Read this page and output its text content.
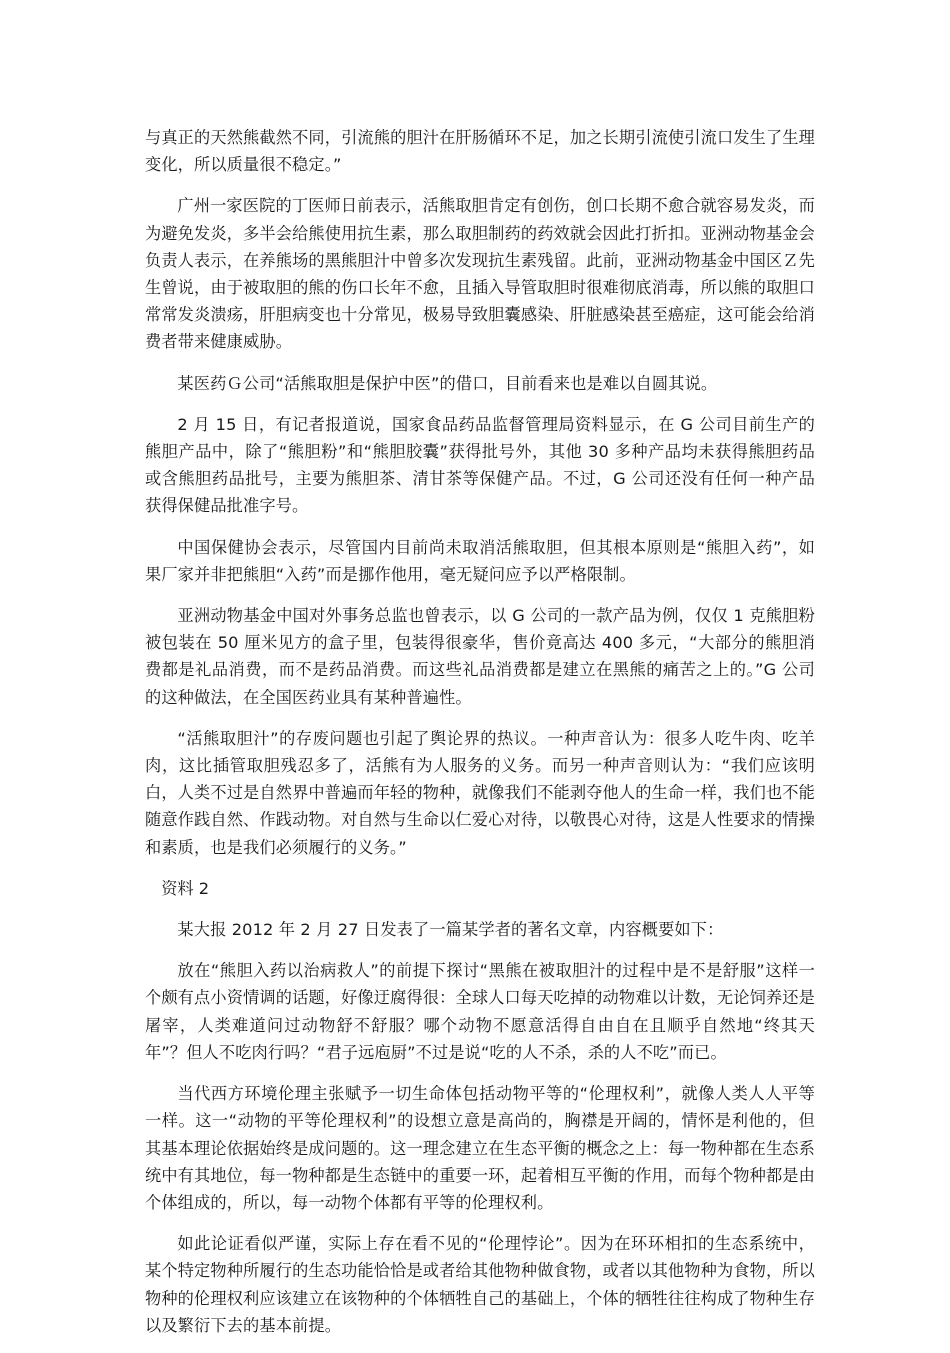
与真正的天然熊截然不同，引流熊的胆汁在肝肠循环不足，加之长期引流使引流口发生了生理变化，所以质量很不稳定。”

广州一家医院的丁医师日前表示，活熊取胆肯定有创伤，创口长期不愈合就容易发炎，而为避免发炎，多半会给熊使用抗生素，那么取胆制药的药效就会因此打折扣。亚洲动物基金会负责人表示，在养熊场的黑熊胆汁中曾多次发现抗生素残留。此前，亚洲动物基金中国区Ｚ先生曾说，由于被取胆的熊的伤口长年不愈，且插入导管取胆时很难彻底消毒，所以熊的取胆口常常发炎溃疡，肝胆病变也十分常见，极易导致胆囊感染、肝脏感染甚至癌症，这可能会给消费者带来健康威胁。

某医药Ｇ公司“活熊取胆是保护中医”的借口，目前看来也是难以自圆其说。

2 月 15 日，有记者报道说，国家食品药品监督管理局资料显示，在 G 公司目前生产的熊胆产品中，除了“熊胆粉”和“熊胆胶囊”获得批号外，其他 30 多种产品均未获得熊胆药品或含熊胆药品批号，主要为熊胆茶、清甘茶等保健产品。不过，G 公司还没有任何一种产品获得保健品批准字号。

中国保健协会表示，尽管国内目前尚未取消活熊取胆，但其根本原则是“熊胆入药”，如果厂家并非把熊胆“入药”而是挪作他用，毫无疑问应予以严格限制。

亚洲动物基金中国对外事务总监也曾表示，以 G 公司的一款产品为例，仅仅 1 克熊胆粉被包装在 50 厘米见方的盒子里，包装得很豪华，售价竟高达 400 多元，“大部分的熊胆消费都是礼品消费，而不是药品消费。而这些礼品消费都是建立在黑熊的痛苦之上的。”G 公司的这种做法，在全国医药业具有某种普遍性。

“活熊取胆汁”的存废问题也引起了舆论界的热议。一种声音认为：很多人吃牛肉、吃羊肉，这比插管取胆残忍多了，活熊有为人服务的义务。而另一种声音则认为：“我们应该明白，人类不过是自然界中普遍而年轻的物种，就像我们不能剥夺他人的生命一样，我们也不能随意作践自然、作践动物。对自然与生命以仁爱心对待，以敬畏心对待，这是人性要求的情操和素质，也是我们必须履行的义务。”

资料 2

某大报 2012 年 2 月 27 日发表了一篇某学者的著名文章，内容概要如下：

放在“熊胆入药以治病救人”的前提下探讨“黑熊在被取胆汁的过程中是不是舒服”这样一个颇有点小资情调的话题，好像迂腐得很：全球人口每天吃掉的动物难以计数，无论饲养还是屠宰，人类难道问过动物舒不舒服？哪个动物不愿意活得自由自在且顺乎自然地“终其天年”？但人不吃肉行吗？“君子远庖厨”不过是说“吃的人不杀，杀的人不吃”而已。

当代西方环境伦理主张赋予一切生命体包括动物平等的“伦理权利”，就像人类人人平等一样。这一“动物的平等伦理权利”的设想立意是高尚的，胸襟是开阔的，情怀是利他的，但其基本理论依据始终是成问题的。这一理念建立在生态平衡的概念之上：每一物种都在生态系统中有其地位，每一物种都是生态链中的重要一环，起着相互平衡的作用，而每个物种都是由个体组成的，所以，每一动物个体都有平等的伦理权利。

如此论证看似严谨，实际上存在看不见的“伦理悖论”。因为在环环相扣的生态系统中，某个特定物种所履行的生态功能恰恰是或者给其他物种做食物，或者以其他物种为食物，所以物种的伦理权利应该建立在该物种的个体牺牲自己的基础上，个体的牺牲往往构成了物种生存以及繁衍下去的基本前提。
